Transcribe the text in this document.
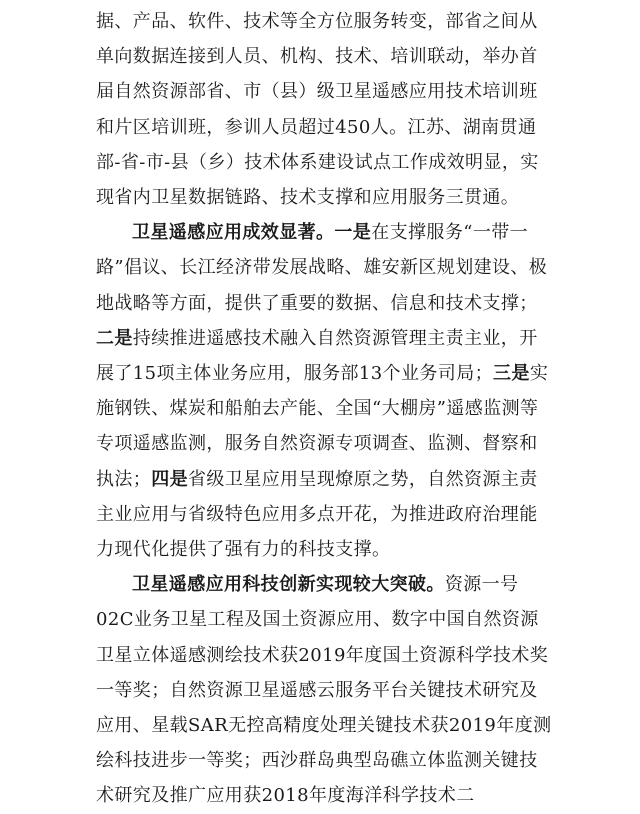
据、产品、软件、技术等全方位服务转变，部省之间从单向数据连接到人员、机构、技术、培训联动，举办首届自然资源部省、市（县）级卫星遥感应用技术培训班和片区培训班，参训人员超过450人。江苏、湖南贯通部-省-市-县（乡）技术体系建设试点工作成效明显，实现省内卫星数据链路、技术支撑和应用服务三贯通。

卫星遥感应用成效显著。一是在支撑服务“一带一路”倡议、长江经济带发展战略、雄安新区规划建设、极地战略等方面，提供了重要的数据、信息和技术支撑；二是持续推进遥感技术融入自然资源管理主责主业，开展了15项主体业务应用，服务部13个业务司局；三是实施钢铁、煤炭和船舶去产能、全国“大棚房”遥感监测等专项遥感监测，服务自然资源专项调查、监测、督察和执法；四是省级卫星应用呈现燎原之势，自然资源主责主业应用与省级特色应用多点开花，为推进政府治理能力现代化提供了强有力的科技支撑。

卫星遥感应用科技创新实现较大突破。资源一号02C业务卫星工程及国土资源应用、数字中国自然资源卫星立体遥感测绘技术获2019年度国土资源科学技术奖一等奖；自然资源卫星遥感云服务平台关键技术研究及应用、星载SAR无控高精度处理关键技术获2019年度测绘科技进步一等奖；西沙群岛典型岛礁立体监测关键技术研究及推广应用获2018年度海洋科学技术二
